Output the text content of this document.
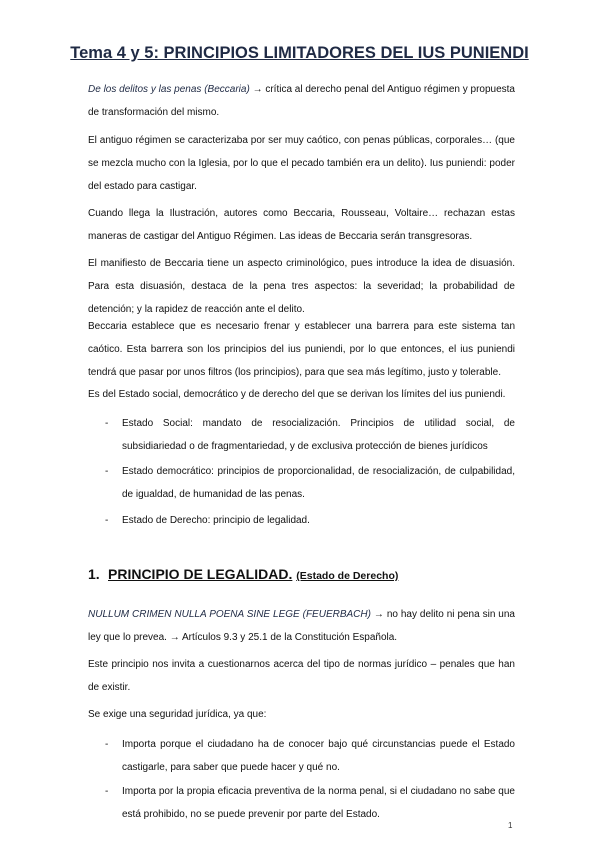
Tema 4 y 5: PRINCIPIOS LIMITADORES DEL IUS PUNIENDI
De los delitos y las penas (Beccaria) → crítica al derecho penal del Antiguo régimen y propuesta de transformación del mismo.
El antiguo régimen se caracterizaba por ser muy caótico, con penas públicas, corporales… (que se mezcla mucho con la Iglesia, por lo que el pecado también era un delito). Ius puniendi: poder del estado para castigar.
Cuando llega la Ilustración, autores como Beccaria, Rousseau, Voltaire… rechazan estas maneras de castigar del Antiguo Régimen. Las ideas de Beccaria serán transgresoras.
El manifiesto de Beccaria tiene un aspecto criminológico, pues introduce la idea de disuasión. Para esta disuasión, destaca de la pena tres aspectos: la severidad; la probabilidad de detención; y la rapidez de reacción ante el delito.
Beccaria establece que es necesario frenar y establecer una barrera para este sistema tan caótico. Esta barrera son los principios del ius puniendi, por lo que entonces, el ius puniendi tendrá que pasar por unos filtros (los principios), para que sea más legítimo, justo y tolerable.
Es del Estado social, democrático y de derecho del que se derivan los límites del ius puniendi.
- Estado Social: mandato de resocialización. Principios de utilidad social, de subsidiariedad o de fragmentariedad, y de exclusiva protección de bienes jurídicos
- Estado democrático: principios de proporcionalidad, de resocialización, de culpabilidad, de igualdad, de humanidad de las penas.
- Estado de Derecho: principio de legalidad.
1. PRINCIPIO DE LEGALIDAD. (Estado de Derecho)
NULLUM CRIMEN NULLA POENA SINE LEGE (FEUERBACH) → no hay delito ni pena sin una ley que lo prevea. → Artículos 9.3 y 25.1 de la Constitución Española.
Este principio nos invita a cuestionarnos acerca del tipo de normas jurídico – penales que han de existir.
Se exige una seguridad jurídica, ya que:
- Importa porque el ciudadano ha de conocer bajo qué circunstancias puede el Estado castigarle, para saber que puede hacer y qué no.
- Importa por la propia eficacia preventiva de la norma penal, si el ciudadano no sabe que está prohibido, no se puede prevenir por parte del Estado.
1
